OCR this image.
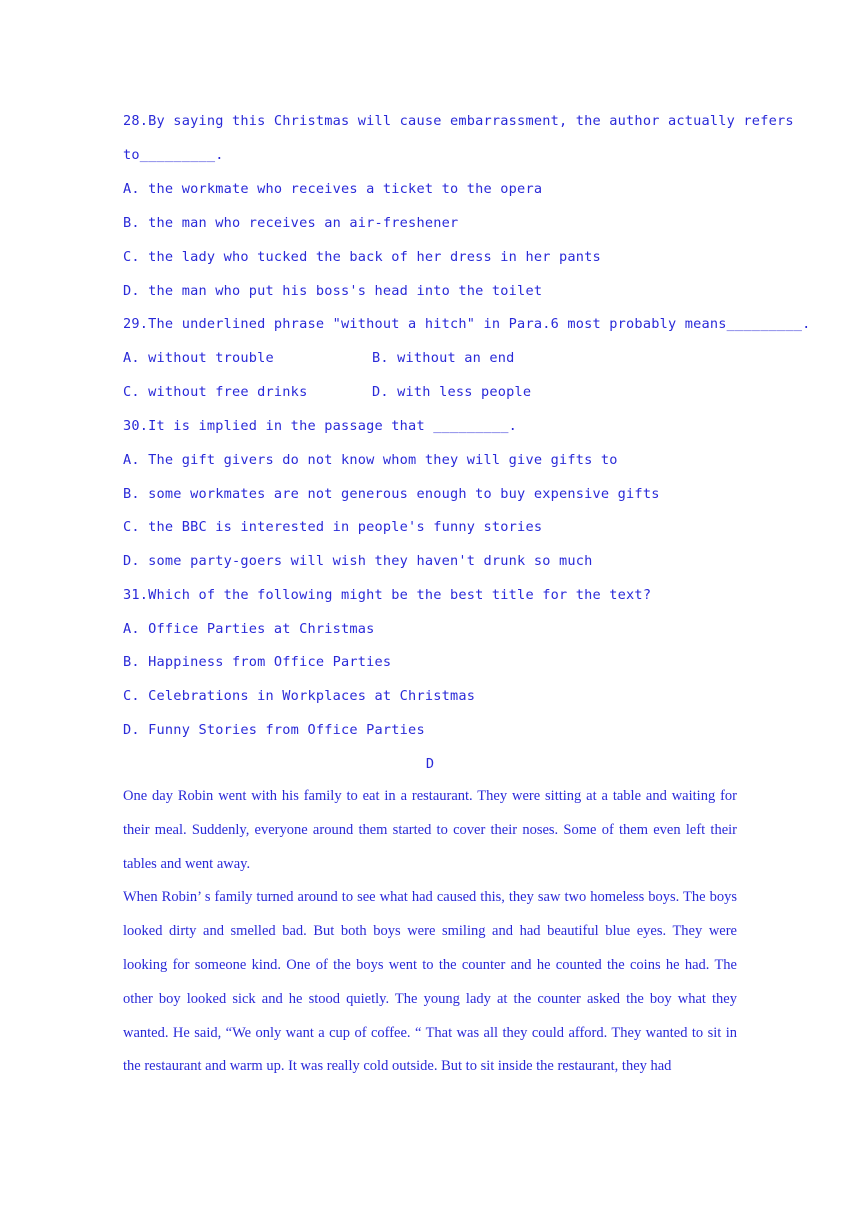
28.By saying this Christmas will cause embarrassment, the author actually refers
to_________.
A. the workmate who receives a ticket to the opera
B. the man who receives an air-freshener
C. the lady who tucked the back of her dress in her pants
D. the man who put his boss's head into the toilet
29.The underlined phrase "without a hitch" in Para.6 most probably means_________.
A. without trouble	B. without an end
C. without free drinks	D. with less people
30.It is implied in the passage that _________.
A. The gift givers do not know whom they will give gifts to
B. some workmates are not generous enough to buy expensive gifts
C. the BBC is interested in people's funny stories
D. some party-goers will wish they haven't drunk so much
31.Which of the following might be the best title for the text?
A. Office Parties at Christmas
B. Happiness from Office Parties
C. Celebrations in Workplaces at Christmas
D. Funny Stories from Office Parties
D

One day Robin went with his family to eat in a restaurant. They were sitting at a table and waiting for their meal. Suddenly, everyone around them started to cover their noses. Some of them even left their tables and went away.

When Robin’ s family turned around to see what had caused this, they saw two homeless boys. The boys looked dirty and smelled bad. But both boys were smiling and had beautiful blue eyes. They were looking for someone kind. One of the boys went to the counter and he counted the coins he had. The other boy looked sick and he stood quietly. The young lady at the counter asked the boy what they wanted. He said, “We only want a cup of coffee. “ That was all they could afford. They wanted to sit in the restaurant and warm up. It was really cold outside. But to sit inside the restaurant, they had
